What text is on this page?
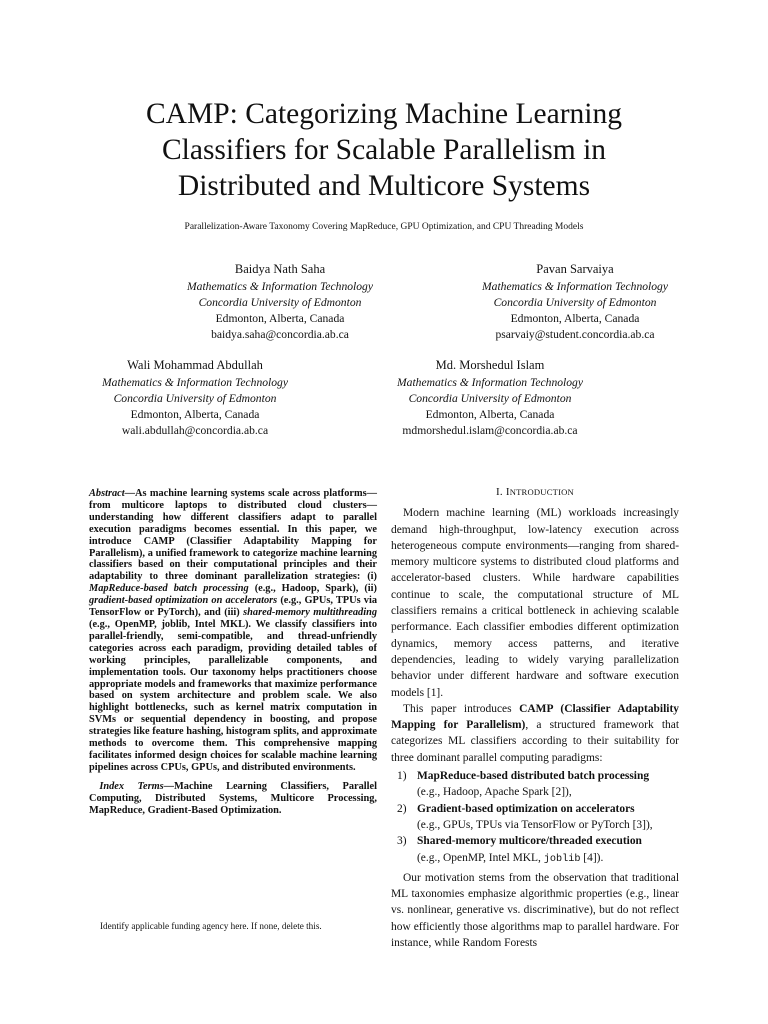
CAMP: Categorizing Machine Learning
Classifiers for Scalable Parallelism in
Distributed and Multicore Systems
Parallelization-Aware Taxonomy Covering MapReduce, GPU Optimization, and CPU Threading Models
Baidya Nath Saha
Mathematics & Information Technology
Concordia University of Edmonton
Edmonton, Alberta, Canada
baidya.saha@concordia.ab.ca
Pavan Sarvaiya
Mathematics & Information Technology
Concordia University of Edmonton
Edmonton, Alberta, Canada
psarvaiy@student.concordia.ab.ca
Wali Mohammad Abdullah
Mathematics & Information Technology
Concordia University of Edmonton
Edmonton, Alberta, Canada
wali.abdullah@concordia.ab.ca
Md. Morshedul Islam
Mathematics & Information Technology
Concordia University of Edmonton
Edmonton, Alberta, Canada
mdmorshedul.islam@concordia.ab.ca

Abstract—As machine learning systems scale across platforms—from multicore laptops to distributed cloud clusters—understanding how different classifiers adapt to parallel execution paradigms becomes essential. In this paper, we introduce CAMP (Classifier Adaptability Mapping for Parallelism), a unified framework to categorize machine learning classifiers based on their computational principles and their adaptability to three dominant parallelization strategies: (i) MapReduce-based batch processing (e.g., Hadoop, Spark), (ii) gradient-based optimization on accelerators (e.g., GPUs, TPUs via TensorFlow or PyTorch), and (iii) shared-memory multithreading (e.g., OpenMP, joblib, Intel MKL). We classify classifiers into parallel-friendly, semi-compatible, and thread-unfriendly categories across each paradigm, providing detailed tables of working principles, parallelizable components, and implementation tools. Our taxonomy helps practitioners choose appropriate models and frameworks that maximize performance based on system architecture and problem scale. We also highlight bottlenecks, such as kernel matrix computation in SVMs or sequential dependency in boosting, and propose strategies like feature hashing, histogram splits, and approximate methods to overcome them. This comprehensive mapping facilitates informed design choices for scalable machine learning pipelines across CPUs, GPUs, and distributed environments.

 Index Terms—Machine Learning Classifiers, Parallel Computing, Distributed Systems, Multicore Processing, MapReduce, Gradient-Based Optimization.

Identify applicable funding agency here. If none, delete this.
I. INTRODUCTION

Modern machine learning (ML) workloads increasingly demand high-throughput, low-latency execution across heterogeneous compute environments—ranging from shared-memory multicore systems to distributed cloud platforms and accelerator-based clusters. While hardware capabilities continue to scale, the computational structure of ML classifiers remains a critical bottleneck in achieving scalable performance. Each classifier embodies different optimization dynamics, memory access patterns, and iterative dependencies, leading to widely varying parallelization behavior under different hardware and software execution models [1].

This paper introduces CAMP (Classifier Adaptability Mapping for Parallelism), a structured framework that categorizes ML classifiers according to their suitability for three dominant parallel computing paradigms:

1) MapReduce-based distributed batch processing
(e.g., Hadoop, Apache Spark [2]),
2) Gradient-based optimization on accelerators
(e.g., GPUs, TPUs via TensorFlow or PyTorch [3]),
3) Shared-memory multicore/threaded execution
(e.g., OpenMP, Intel MKL, joblib [4]).

Our motivation stems from the observation that traditional ML taxonomies emphasize algorithmic properties (e.g., linear vs. nonlinear, generative vs. discriminative), but do not reflect how efficiently those algorithms map to parallel hardware. For instance, while Random Forests
